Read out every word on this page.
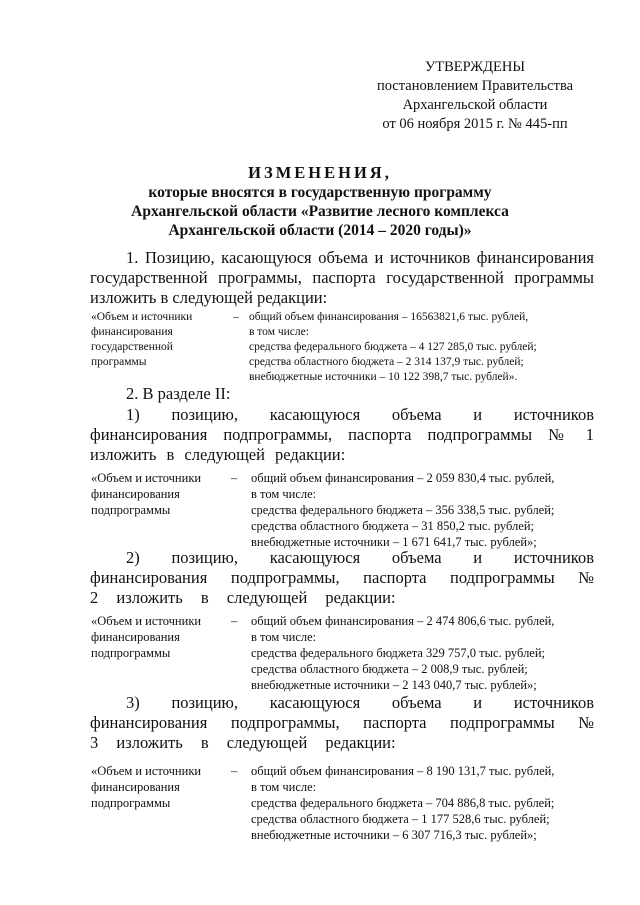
УТВЕРЖДЕНЫ
постановлением Правительства
Архангельской области
от 06 ноября 2015 г. № 445-пп
ИЗМЕНЕНИЯ,
которые вносятся в государственную программу
Архангельской области «Развитие лесного комплекса
Архангельской области (2014 – 2020 годы)»
1. Позицию, касающуюся объема и источников финансирования государственной программы, паспорта государственной программы изложить в следующей редакции:
«Объем и источники финансирования государственной программы
– общий объем финансирования – 16563821,6 тыс. рублей,
в том числе:
средства федерального бюджета – 4 127 285,0 тыс. рублей;
средства областного бюджета – 2 314 137,9 тыс. рублей;
внебюджетные источники – 10 122 398,7 тыс. рублей».
2. В разделе II:
1) позицию, касающуюся объема и источников финансирования подпрограммы, паспорта подпрограммы № 1 изложить в следующей редакции:
«Объем и источники финансирования подпрограммы
– общий объем финансирования – 2 059 830,4 тыс. рублей,
в том числе:
средства федерального бюджета – 356 338,5 тыс. рублей;
средства областного бюджета – 31 850,2 тыс. рублей;
внебюджетные источники – 1 671 641,7 тыс. рублей»;
2) позицию, касающуюся объема и источников финансирования подпрограммы, паспорта подпрограммы № 2 изложить в следующей редакции:
«Объем и источники финансирования подпрограммы
– общий объем финансирования – 2 474 806,6 тыс. рублей,
в том числе:
средства федерального бюджета 329 757,0 тыс. рублей;
средства областного бюджета – 2 008,9 тыс. рублей;
внебюджетные источники – 2 143 040,7 тыс. рублей»;
3) позицию, касающуюся объема и источников финансирования подпрограммы, паспорта подпрограммы № 3 изложить в следующей редакции:
«Объем и источники финансирования подпрограммы
– общий объем финансирования – 8 190 131,7 тыс. рублей,
в том числе:
средства федерального бюджета – 704 886,8 тыс. рублей;
средства областного бюджета – 1 177 528,6 тыс. рублей;
внебюджетные источники – 6 307 716,3 тыс. рублей»;
